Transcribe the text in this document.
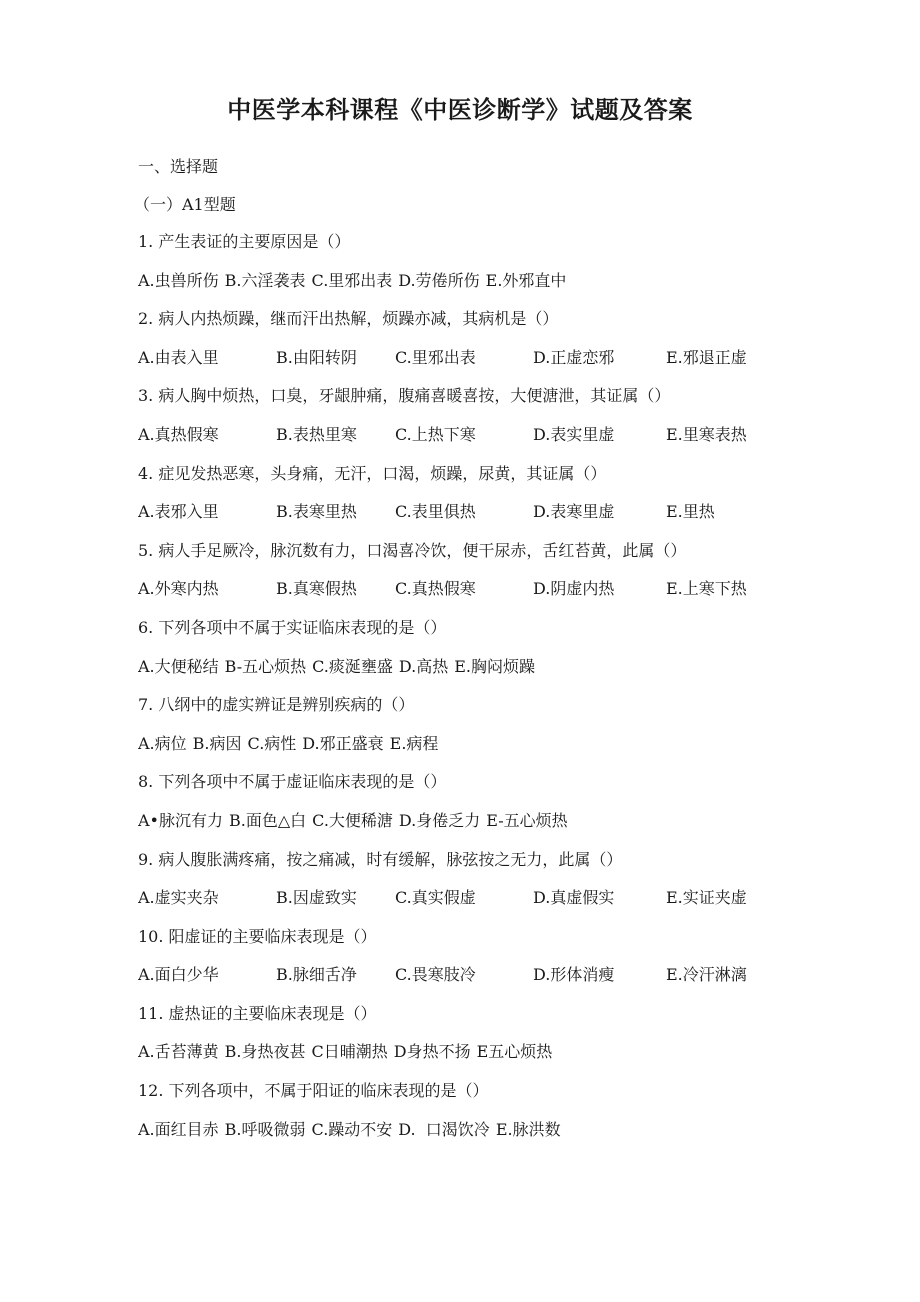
中医学本科课程《中医诊断学》试题及答案
一、选择题
（一）A1型题
1. 产生表证的主要原因是（）
A.虫兽所伤 B.六淫袭表 C.里邪出表 D.劳倦所伤 E.外邪直中
2. 病人内热烦躁，继而汗出热解，烦躁亦减，其病机是（）
A.由表入里	B.由阳转阴	C.里邪出表	D.正虚恋邪	E.邪退正虚
3. 病人胸中烦热，口臭，牙龈肿痛，腹痛喜暖喜按，大便溏泄，其证属（）
A.真热假寒	B.表热里寒	C.上热下寒	D.表实里虚	E.里寒表热
4. 症见发热恶寒，头身痛，无汗，口渴，烦躁，尿黄，其证属（）
A.表邪入里	B.表寒里热	C.表里俱热	D.表寒里虚	E.里热
5. 病人手足厥冷，脉沉数有力，口渴喜冷饮，便干尿赤，舌红苔黄，此属（）
A.外寒内热	B.真寒假热	C.真热假寒	D.阴虚内热	E.上寒下热
6. 下列各项中不属于实证临床表现的是（）
A.大便秘结 B-五心烦热 C.痰涎壅盛 D.高热 E.胸闷烦躁
7. 八纲中的虚实辨证是辨别疾病的（）
A.病位 B.病因 C.病性 D.邪正盛衰 E.病程
8. 下列各项中不属于虚证临床表现的是（）
A•脉沉有力 B.面色△白 C.大便稀溏 D.身倦乏力 E-五心烦热
9. 病人腹胀满疼痛，按之痛减，时有缓解，脉弦按之无力，此属（）
A.虚实夹杂	B.因虚致实	C.真实假虚	D.真虚假实	E.实证夹虚
10. 阳虚证的主要临床表现是（）
A.面白少华	B.脉细舌净	C.畏寒肢冷	D.形体消瘦	E.冷汗淋漓
11. 虚热证的主要临床表现是（）
A.舌苔薄黄 B.身热夜甚 C日晡潮热 D身热不扬 E五心烦热
12. 下列各项中，不属于阳证的临床表现的是（）
A.面红目赤 B.呼吸微弱 C.躁动不安 D.  口渴饮冷 E.脉洪数
